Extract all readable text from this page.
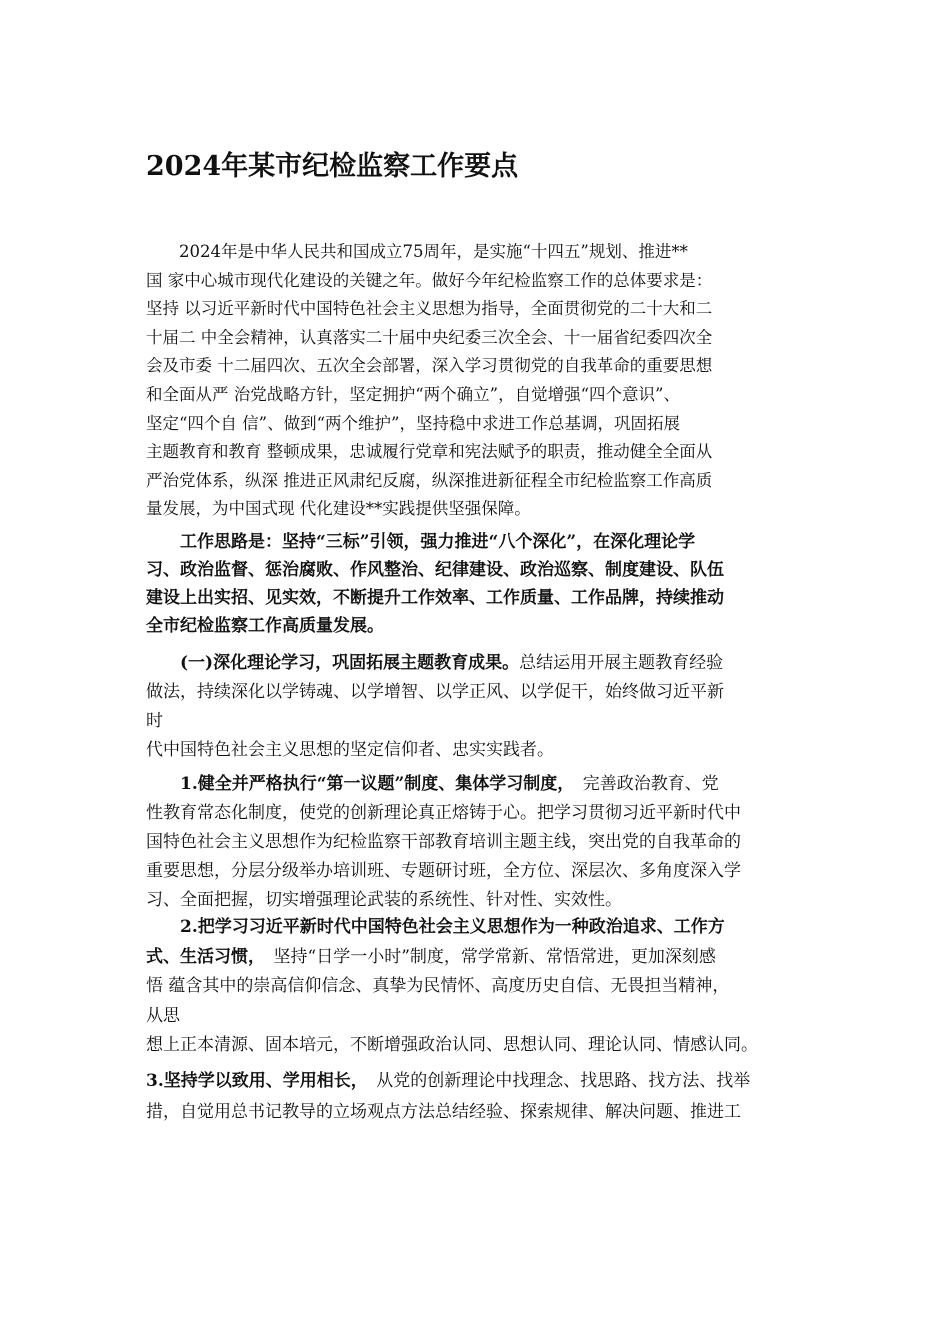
2024年某市纪检监察工作要点
　　2024年是中华人民共和国成立75周年，是实施“十四五”规划、推进**
国 家中心城市现代化建设的关键之年。做好今年纪检监察工作的总体要求是：
坚持 以习近平新时代中国特色社会主义思想为指导，全面贯彻党的二十大和二
十届二 中全会精神，认真落实二十届中央纪委三次全会、十一届省纪委四次全
会及市委 十二届四次、五次全会部署，深入学习贯彻党的自我革命的重要思想
和全面从严 治党战略方针，坚定拥护“两个确立”，自觉增强“四个意识”、
坚定“四个自 信”、做到“两个维护”，坚持稳中求进工作总基调，巩固拓展
主题教育和教育 整顿成果，忠诚履行党章和宪法赋予的职责，推动健全全面从
严治党体系，纵深 推进正风肃纪反腐，纵深推进新征程全市纪检监察工作高质
量发展，为中国式现 代化建设**实践提供坚强保障。
　　工作思路是：坚持“三标”引领，强力推进“八个深化”，在深化理论学
习、政治监督、惩治腐败、作风整治、纪律建设、政治巡察、制度建设、队伍
建设上出实招、见实效，不断提升工作效率、工作质量、工作品牌，持续推动
全市纪检监察工作高质量发展。
　　(一)深化理论学习，巩固拓展主题教育成果。总结运用开展主题教育经验
做法，持续深化以学铸魂、以学增智、以学正风、以学促干，始终做习近平新
时
代中国特色社会主义思想的坚定信仰者、忠实实践者。
　　1.健全并严格执行“第一议题”制度、集体学习制度，　完善政治教育、党
性教育常态化制度，使党的创新理论真正熔铸于心。把学习贯彻习近平新时代中
国特色社会主义思想作为纪检监察干部教育培训主题主线，突出党的自我革命的
重要思想，分层分级举办培训班、专题研讨班，全方位、深层次、多角度深入学
习、全面把握，切实增强理论武装的系统性、针对性、实效性。
　　2.把学习习近平新时代中国特色社会主义思想作为一种政治追求、工作方
式、生活习惯，　坚持“日学一小时”制度，常学常新、常悟常进，更加深刻感
悟 蕴含其中的崇高信仰信念、真挚为民情怀、高度历史自信、无畏担当精神，
从思
想上正本清源、固本培元，不断增强政治认同、思想认同、理论认同、情感认同。
3.坚持学以致用、学用相长，　从党的创新理论中找理念、找思路、找方法、找举
措，自觉用总书记教导的立场观点方法总结经验、探索规律、解决问题、推进工
